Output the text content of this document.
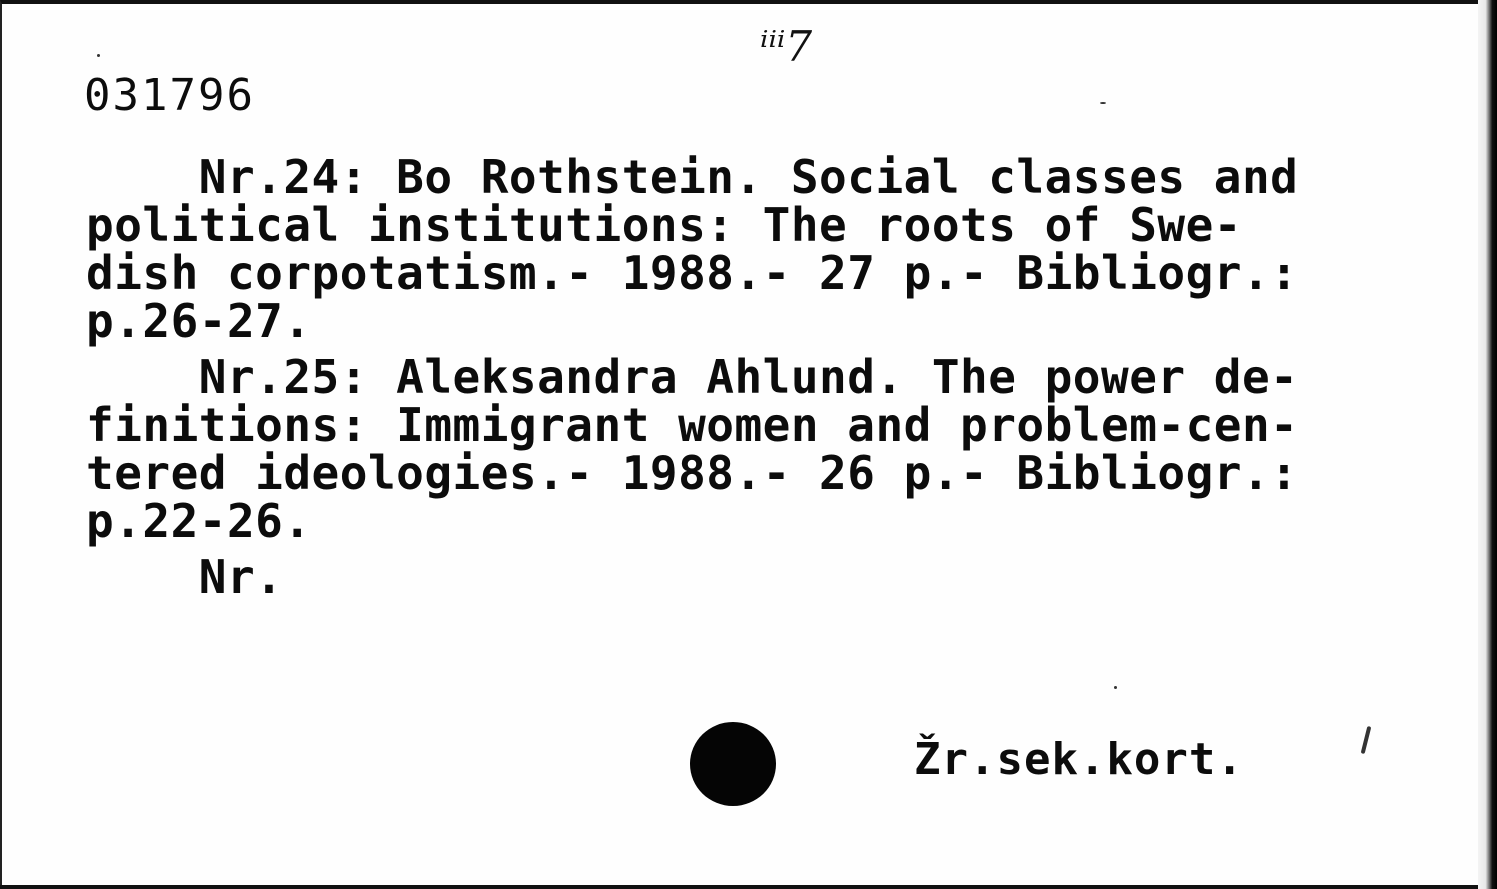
031796
ⁱⁱⁱ7
Nr.24: Bo Rothstein. Social classes and
political institutions: The roots of Swe-
dish corpotatism.- 1988.- 27 p.- Bibliogr.:
p.26-27.
Nr.25: Aleksandra Ahlund. The power de-
finitions: Immigrant women and problem-cen-
tered ideologies.- 1988.- 26 p.- Bibliogr.:
p.22-26.
Nr.
Žr.sek.kort.
